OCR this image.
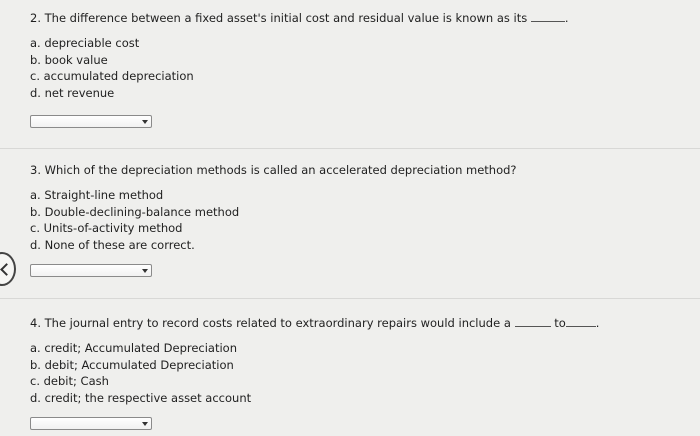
2. The difference between a fixed asset's initial cost and residual value is known as its	.
a. depreciable cost
b. book value
c. accumulated depreciation
d. net revenue
3. Which of the depreciation methods is called an accelerated depreciation method?
a. Straight-line method
b. Double-declining-balance method
c. Units-of-activity method
d. None of these are correct.
4. The journal entry to record costs related to extraordinary repairs would include a	to	.
a. credit; Accumulated Depreciation
b. debit; Accumulated Depreciation
c. debit; Cash
d. credit; the respective asset account
